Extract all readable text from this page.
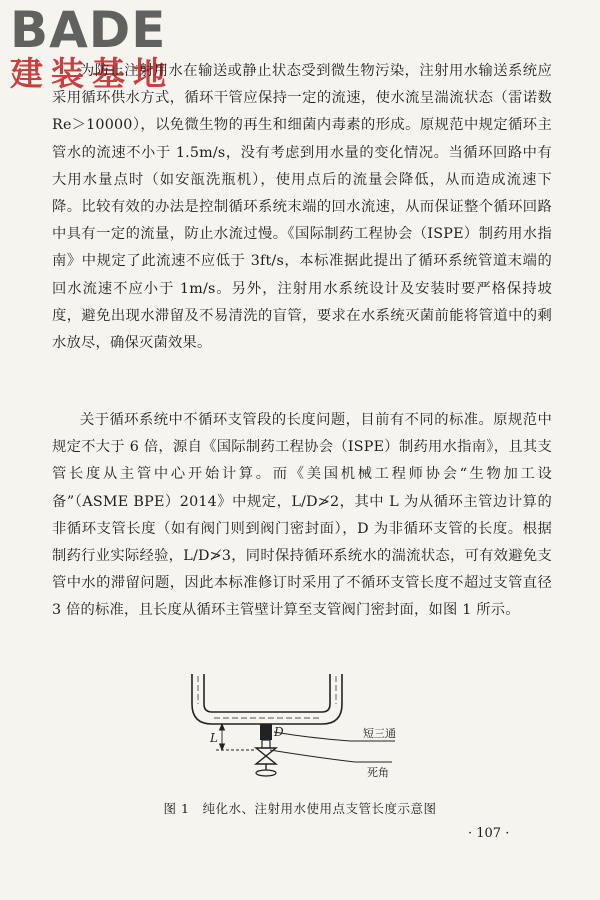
BADE
建装基地

为防止注射用水在输送或静止状态受到微生物污染，注射用水输送系统应采用循环供水方式，循环干管应保持一定的流速，使水流呈湍流状态（雷诺数 Re＞10000），以免微生物的再生和细菌内毒素的形成。原规范中规定循环主管水的流速不小于 1.5m/s，没有考虑到用水量的变化情况。当循环回路中有大用水量点时（如安瓿洗瓶机），使用点后的流量会降低，从而造成流速下降。比较有效的办法是控制循环系统末端的回水流速，从而保证整个循环回路中具有一定的流量，防止水流过慢。《国际制药工程协会（ISPE）制药用水指南》中规定了此流速不应低于 3ft/s，本标准据此提出了循环系统管道末端的回水流速不应小于 1m/s。另外，注射用水系统设计及安装时要严格保持坡度，避免出现水滞留及不易清洗的盲管，要求在水系统灭菌前能将管道中的剩水放尽，确保灭菌效果。

关于循环系统中不循环支管段的长度问题，目前有不同的标准。原规范中规定不大于 6 倍，源自《国际制药工程协会（ISPE）制药用水指南》，且其支管长度从主管中心开始计算。而《美国机械工程师协会“生物加工设备”（ASME BPE）2014》中规定，L/D≯2，其中 L 为从循环主管边计算的非循环支管长度（如有阀门则到阀门密封面），D 为非循环支管的长度。根据制药行业实际经验，L/D≯3，同时保持循环系统水的湍流状态，可有效避免支管中水的滞留问题，因此本标准修订时采用了不循环支管长度不超过支管直径 3 倍的标准，且长度从循环主管壁计算至支管阀门密封面，如图 1 所示。

L	D	短三通
死角
图 1　纯化水、注射用水使用点支管长度示意图
· 107 ·
